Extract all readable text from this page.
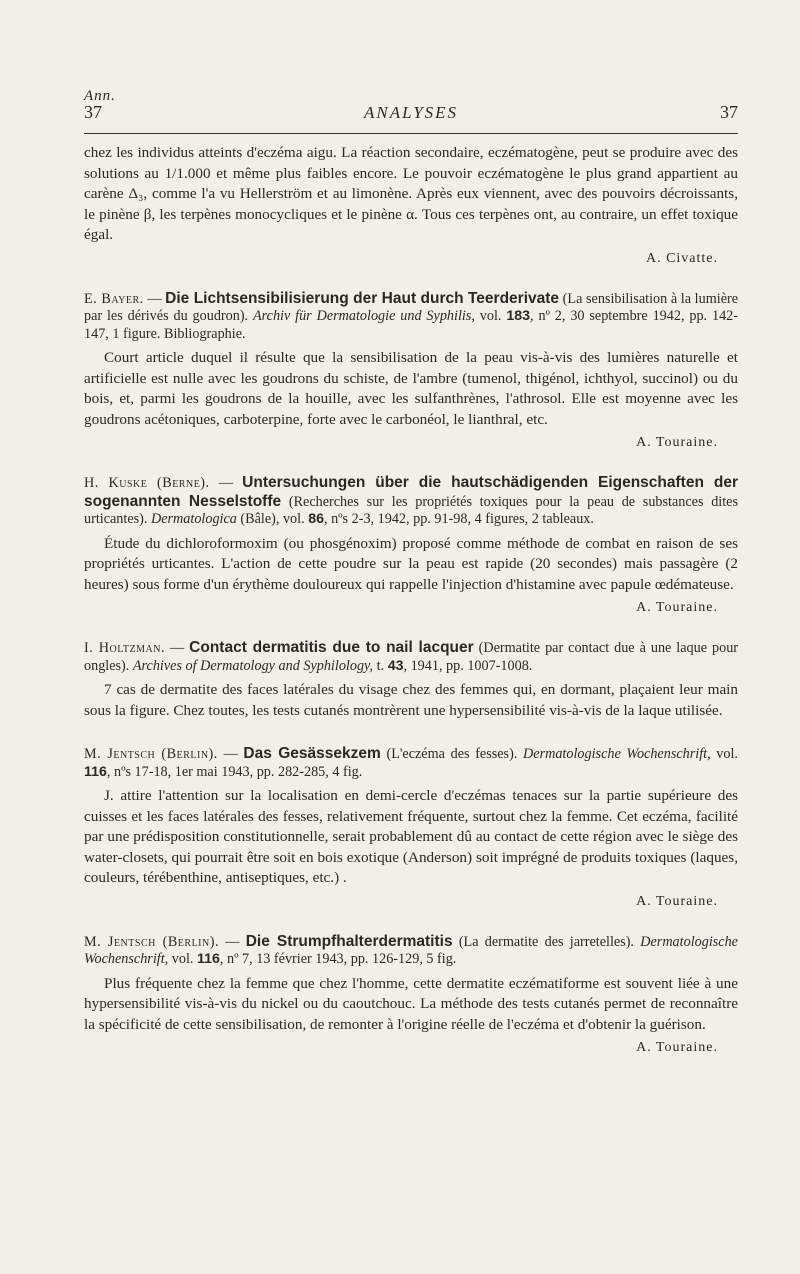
Ann.
37	ANALYSES	37

chez les individus atteints d'eczéma aigu. La réaction secondaire, eczématogène, peut se produire avec des solutions au 1/1.000 et même plus faibles encore. Le pouvoir eczématogène le plus grand appartient au carène Δ₃, comme l'a vu Hellerström et au limonène. Après eux viennent, avec des pouvoirs décroissants, le pinène β, les terpènes monocycliques et le pinène α. Tous ces terpènes ont, au contraire, un effet toxique égal.

A. Civatte.

E. Bayer. — Die Lichtsensibilisierung der Haut durch Teerderivate (La sensibilisation à la lumière par les dérivés du goudron). Archiv für Dermatologie und Syphilis, vol. 183, nº 2, 30 septembre 1942, pp. 142-147, 1 figure. Bibliographie.

Court article duquel il résulte que la sensibilisation de la peau vis-à-vis des lumières naturelle et artificielle est nulle avec les goudrons du schiste, de l'ambre (tumenol, thigénol, ichthyol, succinol) ou du bois, et, parmi les goudrons de la houille, avec les sulfanthrènes, l'athrosol. Elle est moyenne avec les goudrons acétoniques, carboterpine, forte avec le carbonéol, le lianthral, etc.

A. Touraine.

H. Kuske (Berne). — Untersuchungen über die hautschädigenden Eigenschaften der sogenannten Nesselstoffe (Recherches sur les propriétés toxiques pour la peau de substances dites urticantes). Dermatologica (Bâle), vol. 86, nºs 2-3, 1942, pp. 91-98, 4 figures, 2 tableaux.

Étude du dichloroformoxim (ou phosgénoxim) proposé comme méthode de combat en raison de ses propriétés urticantes. L'action de cette poudre sur la peau est rapide (20 secondes) mais passagère (2 heures) sous forme d'un érythème douloureux qui rappelle l'injection d'histamine avec papule œdémateuse.

A. Touraine.

I. Holtzman. — Contact dermatitis due to nail lacquer (Dermatite par contact due à une laque pour ongles). Archives of Dermatology and Syphilology, t. 43, 1941, pp. 1007-1008.

7 cas de dermatite des faces latérales du visage chez des femmes qui, en dormant, plaçaient leur main sous la figure. Chez toutes, les tests cutanés montrèrent une hypersensibilité vis-à-vis de la laque utilisée.

M. Jentsch (Berlin). — Das Gesässekzem (L'eczéma des fesses). Dermatologische Wochenschrift, vol. 116, nºs 17-18, 1er mai 1943, pp. 282-285, 4 fig.

J. attire l'attention sur la localisation en demi-cercle d'eczémas tenaces sur la partie supérieure des cuisses et les faces latérales des fesses, relativement fréquente, surtout chez la femme. Cet eczéma, facilité par une prédisposition constitutionnelle, serait probablement dû au contact de cette région avec le siège des water-closets, qui pourrait être soit en bois exotique (Anderson) soit imprégné de produits toxiques (laques, couleurs, térébenthine, antiseptiques, etc.) .

A. Touraine.

M. Jentsch (Berlin). — Die Strumpfhalterdermatitis (La dermatite des jarretelles). Dermatologische Wochenschrift, vol. 116, nº 7, 13 février 1943, pp. 126-129, 5 fig.

Plus fréquente chez la femme que chez l'homme, cette dermatite eczématiforme est souvent liée à une hypersensibilité vis-à-vis du nickel ou du caoutchouc. La méthode des tests cutanés permet de reconnaître la spécificité de cette sensibilisation, de remonter à l'origine réelle de l'eczéma et d'obtenir la guérison.

A. Touraine.
